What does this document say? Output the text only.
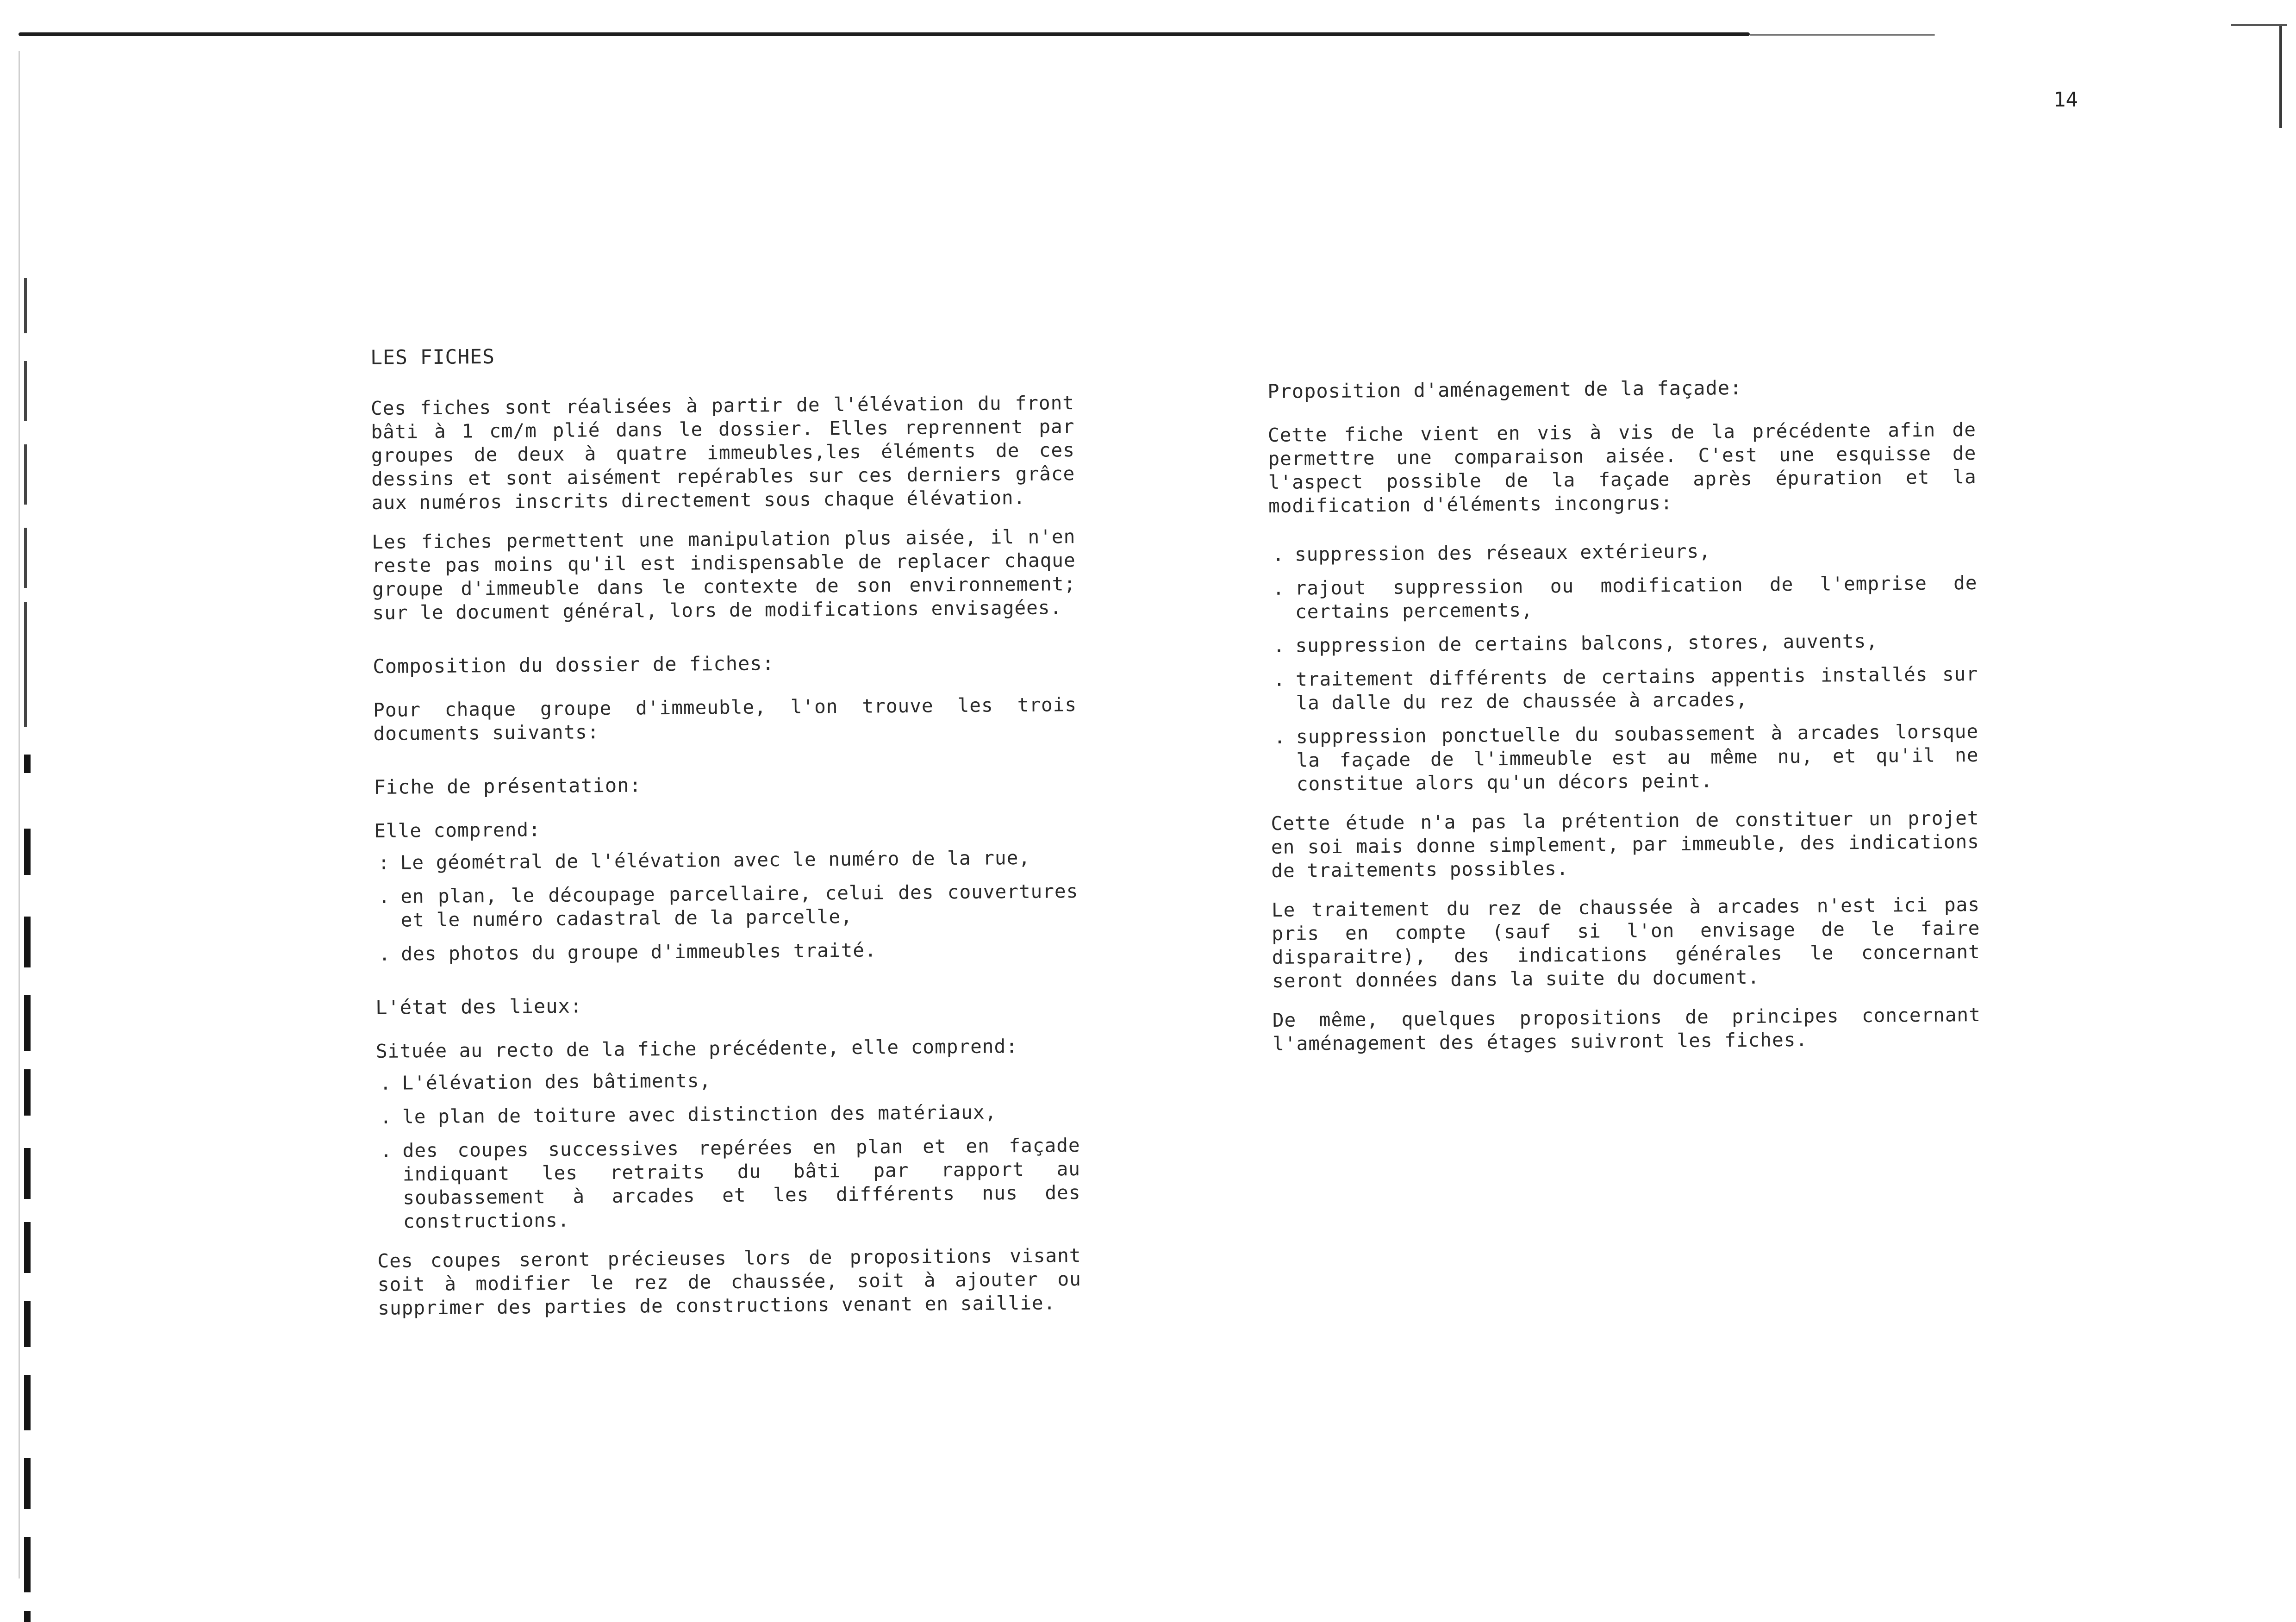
14
LES FICHES

Ces fiches sont réalisées à partir de l'élévation du front bâti à 1 cm/m plié dans le dossier. Elles reprennent par groupes de deux à quatre immeubles,les éléments de ces dessins et sont aisément repérables sur ces derniers grâce aux numéros inscrits directement sous chaque élévation.

Les fiches permettent une manipulation plus aisée, il n'en reste pas moins qu'il est indispensable de replacer chaque groupe d'immeuble dans le contexte de son environnement; sur le document général, lors de modifications envisagées.

Composition du dossier de fiches:

Pour chaque groupe d'immeuble, l'on trouve les trois documents suivants:

Fiche de présentation:

Elle comprend:

: Le géométral de l'élévation avec le numéro de la rue,
. en plan, le découpage parcellaire, celui des couvertures et le numéro cadastral de la parcelle,
. des photos du groupe d'immeubles traité.
L'état des lieux:

Située au recto de la fiche précédente, elle comprend:

. L'élévation des bâtiments,
. le plan de toiture avec distinction des matériaux,
. des coupes successives repérées en plan et en façade indiquant les retraits du bâti par rapport au soubassement à arcades et les différents nus des constructions.

Ces coupes seront précieuses lors de propositions visant soit à modifier le rez de chaussée, soit à ajouter ou supprimer des parties de constructions venant en saillie.

Proposition d'aménagement de la façade:

Cette fiche vient en vis à vis de la précédente afin de permettre une comparaison aisée. C'est une esquisse de l'aspect possible de la façade après épuration et la modification d'éléments incongrus:

. suppression des réseaux extérieurs,
. rajout suppression ou modification de l'emprise de certains percements,
. suppression de certains balcons, stores, auvents,
. traitement différents de certains appentis installés sur la dalle du rez de chaussée à arcades,
. suppression ponctuelle du soubassement à arcades lorsque la façade de l'immeuble est au même nu, et qu'il ne constitue alors qu'un décors peint.

Cette étude n'a pas la prétention de constituer un projet en soi mais donne simplement, par immeuble, des indications de traitements possibles.

Le traitement du rez de chaussée à arcades n'est ici pas pris en compte (sauf si l'on envisage de le faire disparaitre), des indications générales le concernant seront données dans la suite du document.

De même, quelques propositions de principes concernant l'aménagement des étages suivront les fiches.
